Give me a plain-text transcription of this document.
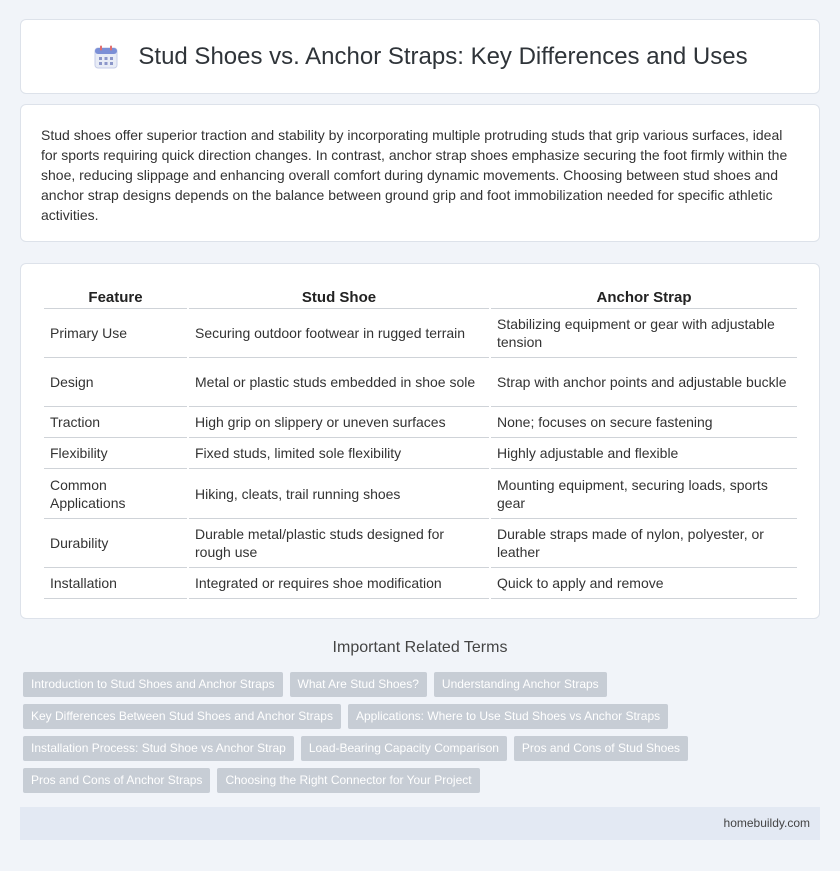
Stud Shoes vs. Anchor Straps: Key Differences and Uses

Stud shoes offer superior traction and stability by incorporating multiple protruding studs that grip various surfaces, ideal for sports requiring quick direction changes. In contrast, anchor strap shoes emphasize securing the foot firmly within the shoe, reducing slippage and enhancing overall comfort during dynamic movements. Choosing between stud shoes and anchor strap designs depends on the balance between ground grip and foot immobilization needed for specific athletic activities.

Feature	Stud Shoe	Anchor Strap
Primary Use	Securing outdoor footwear in rugged terrain	Stabilizing equipment or gear with adjustable tension
Design	Metal or plastic studs embedded in shoe sole	Strap with anchor points and adjustable buckle
Traction	High grip on slippery or uneven surfaces	None; focuses on secure fastening
Flexibility	Fixed studs, limited sole flexibility	Highly adjustable and flexible
Common Applications	Hiking, cleats, trail running shoes	Mounting equipment, securing loads, sports gear
Durability	Durable metal/plastic studs designed for rough use	Durable straps made of nylon, polyester, or leather
Installation	Integrated or requires shoe modification	Quick to apply and remove
Important Related Terms
Introduction to Stud Shoes and Anchor Straps	What Are Stud Shoes?	Understanding Anchor Straps
Key Differences Between Stud Shoes and Anchor Straps	Applications: Where to Use Stud Shoes vs Anchor Straps
Installation Process: Stud Shoe vs Anchor Strap	Load-Bearing Capacity Comparison	Pros and Cons of Stud Shoes
Pros and Cons of Anchor Straps	Choosing the Right Connector for Your Project
homebuildy.com
